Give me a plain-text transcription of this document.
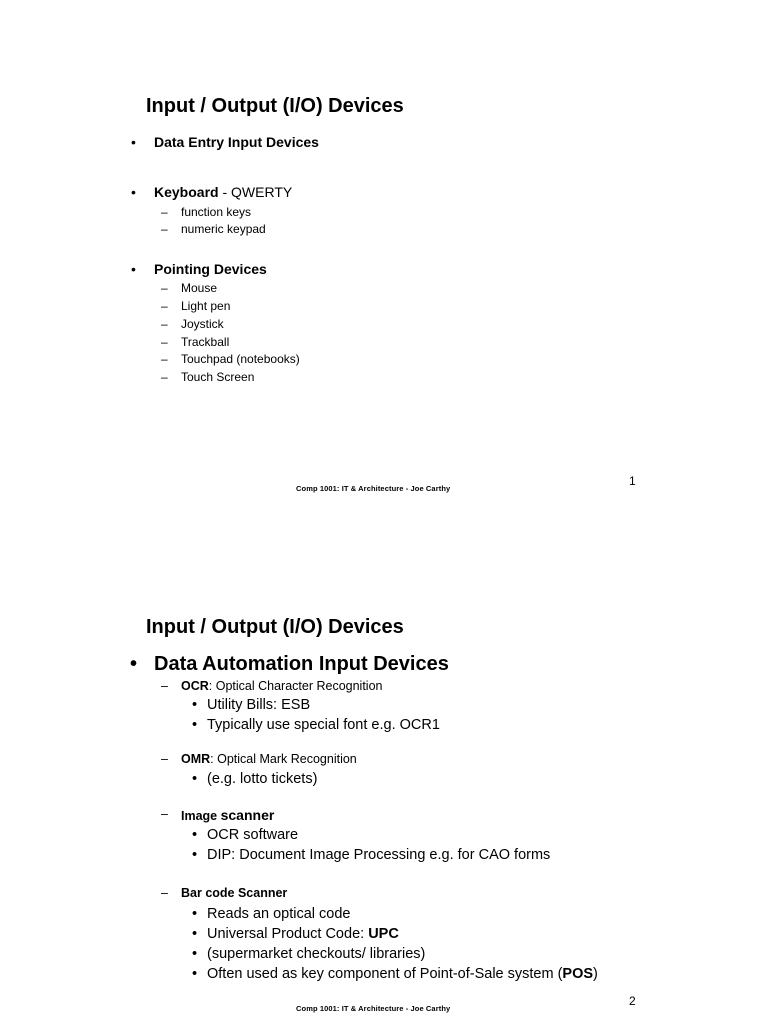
Input / Output (I/O) Devices
• Data Entry Input Devices
• Keyboard - QWERTY
– function keys
– numeric keypad
• Pointing Devices
– Mouse
– Light pen
– Joystick
– Trackball
– Touchpad (notebooks)
– Touch Screen
Comp 1001: IT & Architecture - Joe Carthy
1
Input / Output (I/O) Devices
• Data Automation Input Devices
– OCR: Optical Character Recognition
• Utility Bills: ESB
• Typically use special font e.g. OCR1
– OMR: Optical Mark Recognition
• (e.g. lotto tickets)
– Image scanner
• OCR software
• DIP: Document Image Processing e.g. for CAO forms
– Bar code Scanner
• Reads an optical code
• Universal Product Code: UPC
• (supermarket checkouts/ libraries)
• Often used as key component of Point-of-Sale system (POS)
Comp 1001: IT & Architecture - Joe Carthy
2
